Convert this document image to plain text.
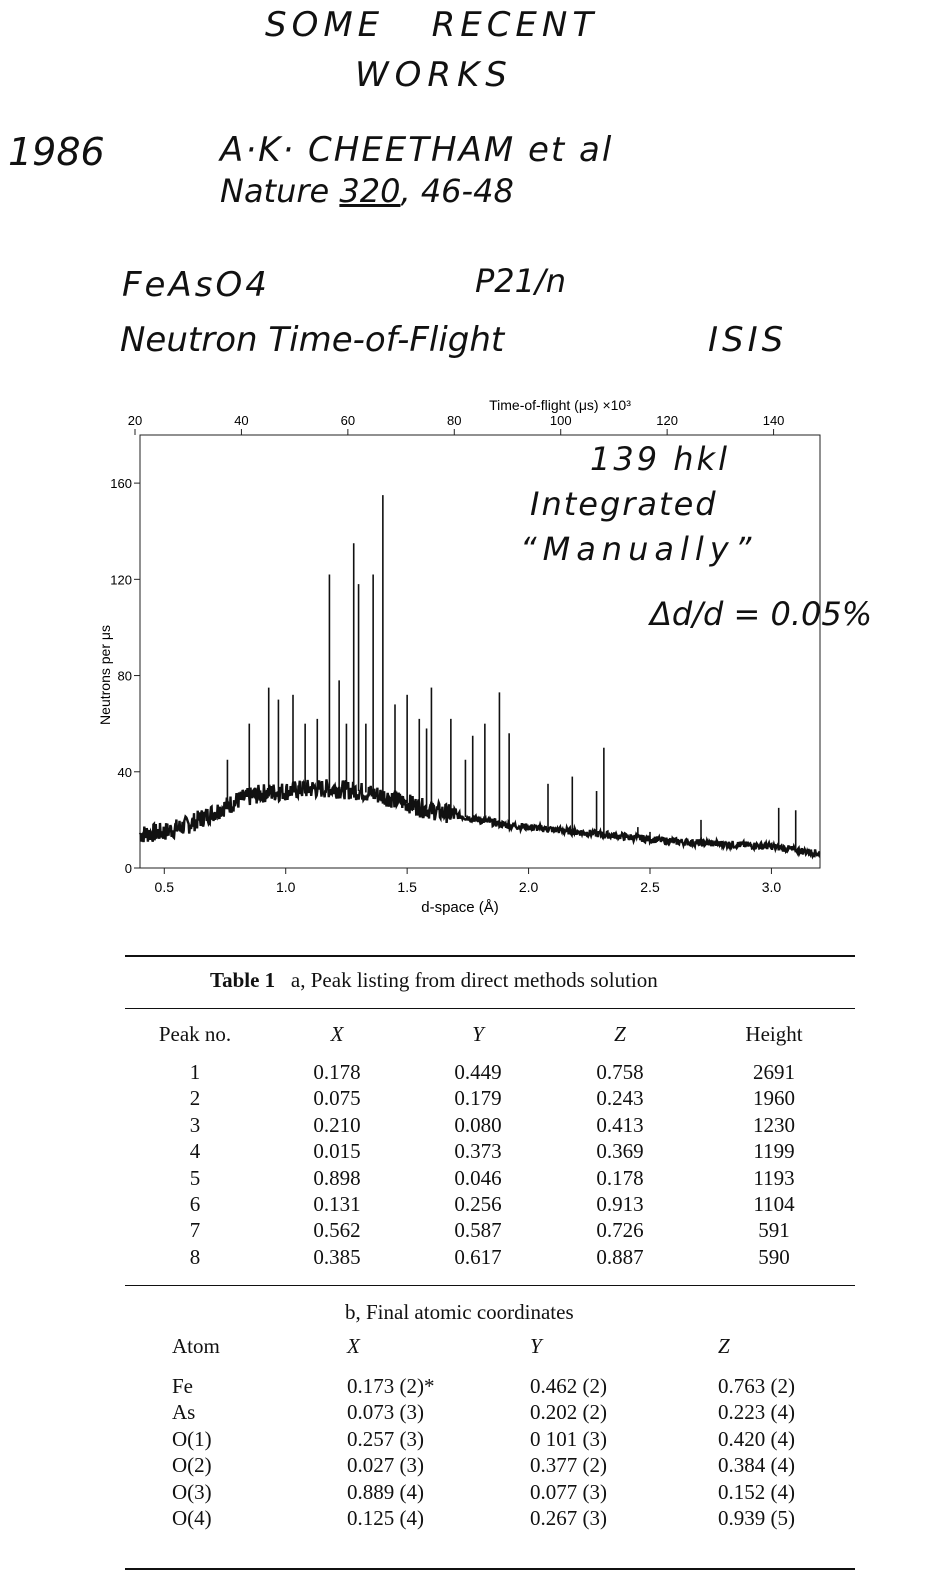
SOME   RECENT
WORKS
1986	A·K· CHEETHAM et al
Nature 320, 46-48
FeAsO4	P21/n
Neutron Time-of-Flight	ISIS
0.5	1.0	1.5	2.0	2.5	3.0
0
40
80
120
160
20	40	60	80	100	120	140
Time-of-flight (μs) ×10³
d-space (Å)
Neutrons per μs
139 hkl
Integrated
“Manually”
Δd/d = 0.05%
Table 1 a, Peak listing from direct methods solution
Peak no.	X	Y	Z	Height
1	0.178	0.449	0.758	2691
2	0.075	0.179	0.243	1960
3	0.210	0.080	0.413	1230
4	0.015	0.373	0.369	1199
5	0.898	0.046	0.178	1193
6	0.131	0.256	0.913	1104
7	0.562	0.587	0.726	591
8	0.385	0.617	0.887	590
b, Final atomic coordinates
Atom	X	Y	Z
Fe	0.173 (2)*	0.462 (2)	0.763 (2)
As	0.073 (3)	0.202 (2)	0.223 (4)
O(1)	0.257 (3)	0 101 (3)	0.420 (4)
O(2)	0.027 (3)	0.377 (2)	0.384 (4)
O(3)	0.889 (4)	0.077 (3)	0.152 (4)
O(4)	0.125 (4)	0.267 (3)	0.939 (5)
